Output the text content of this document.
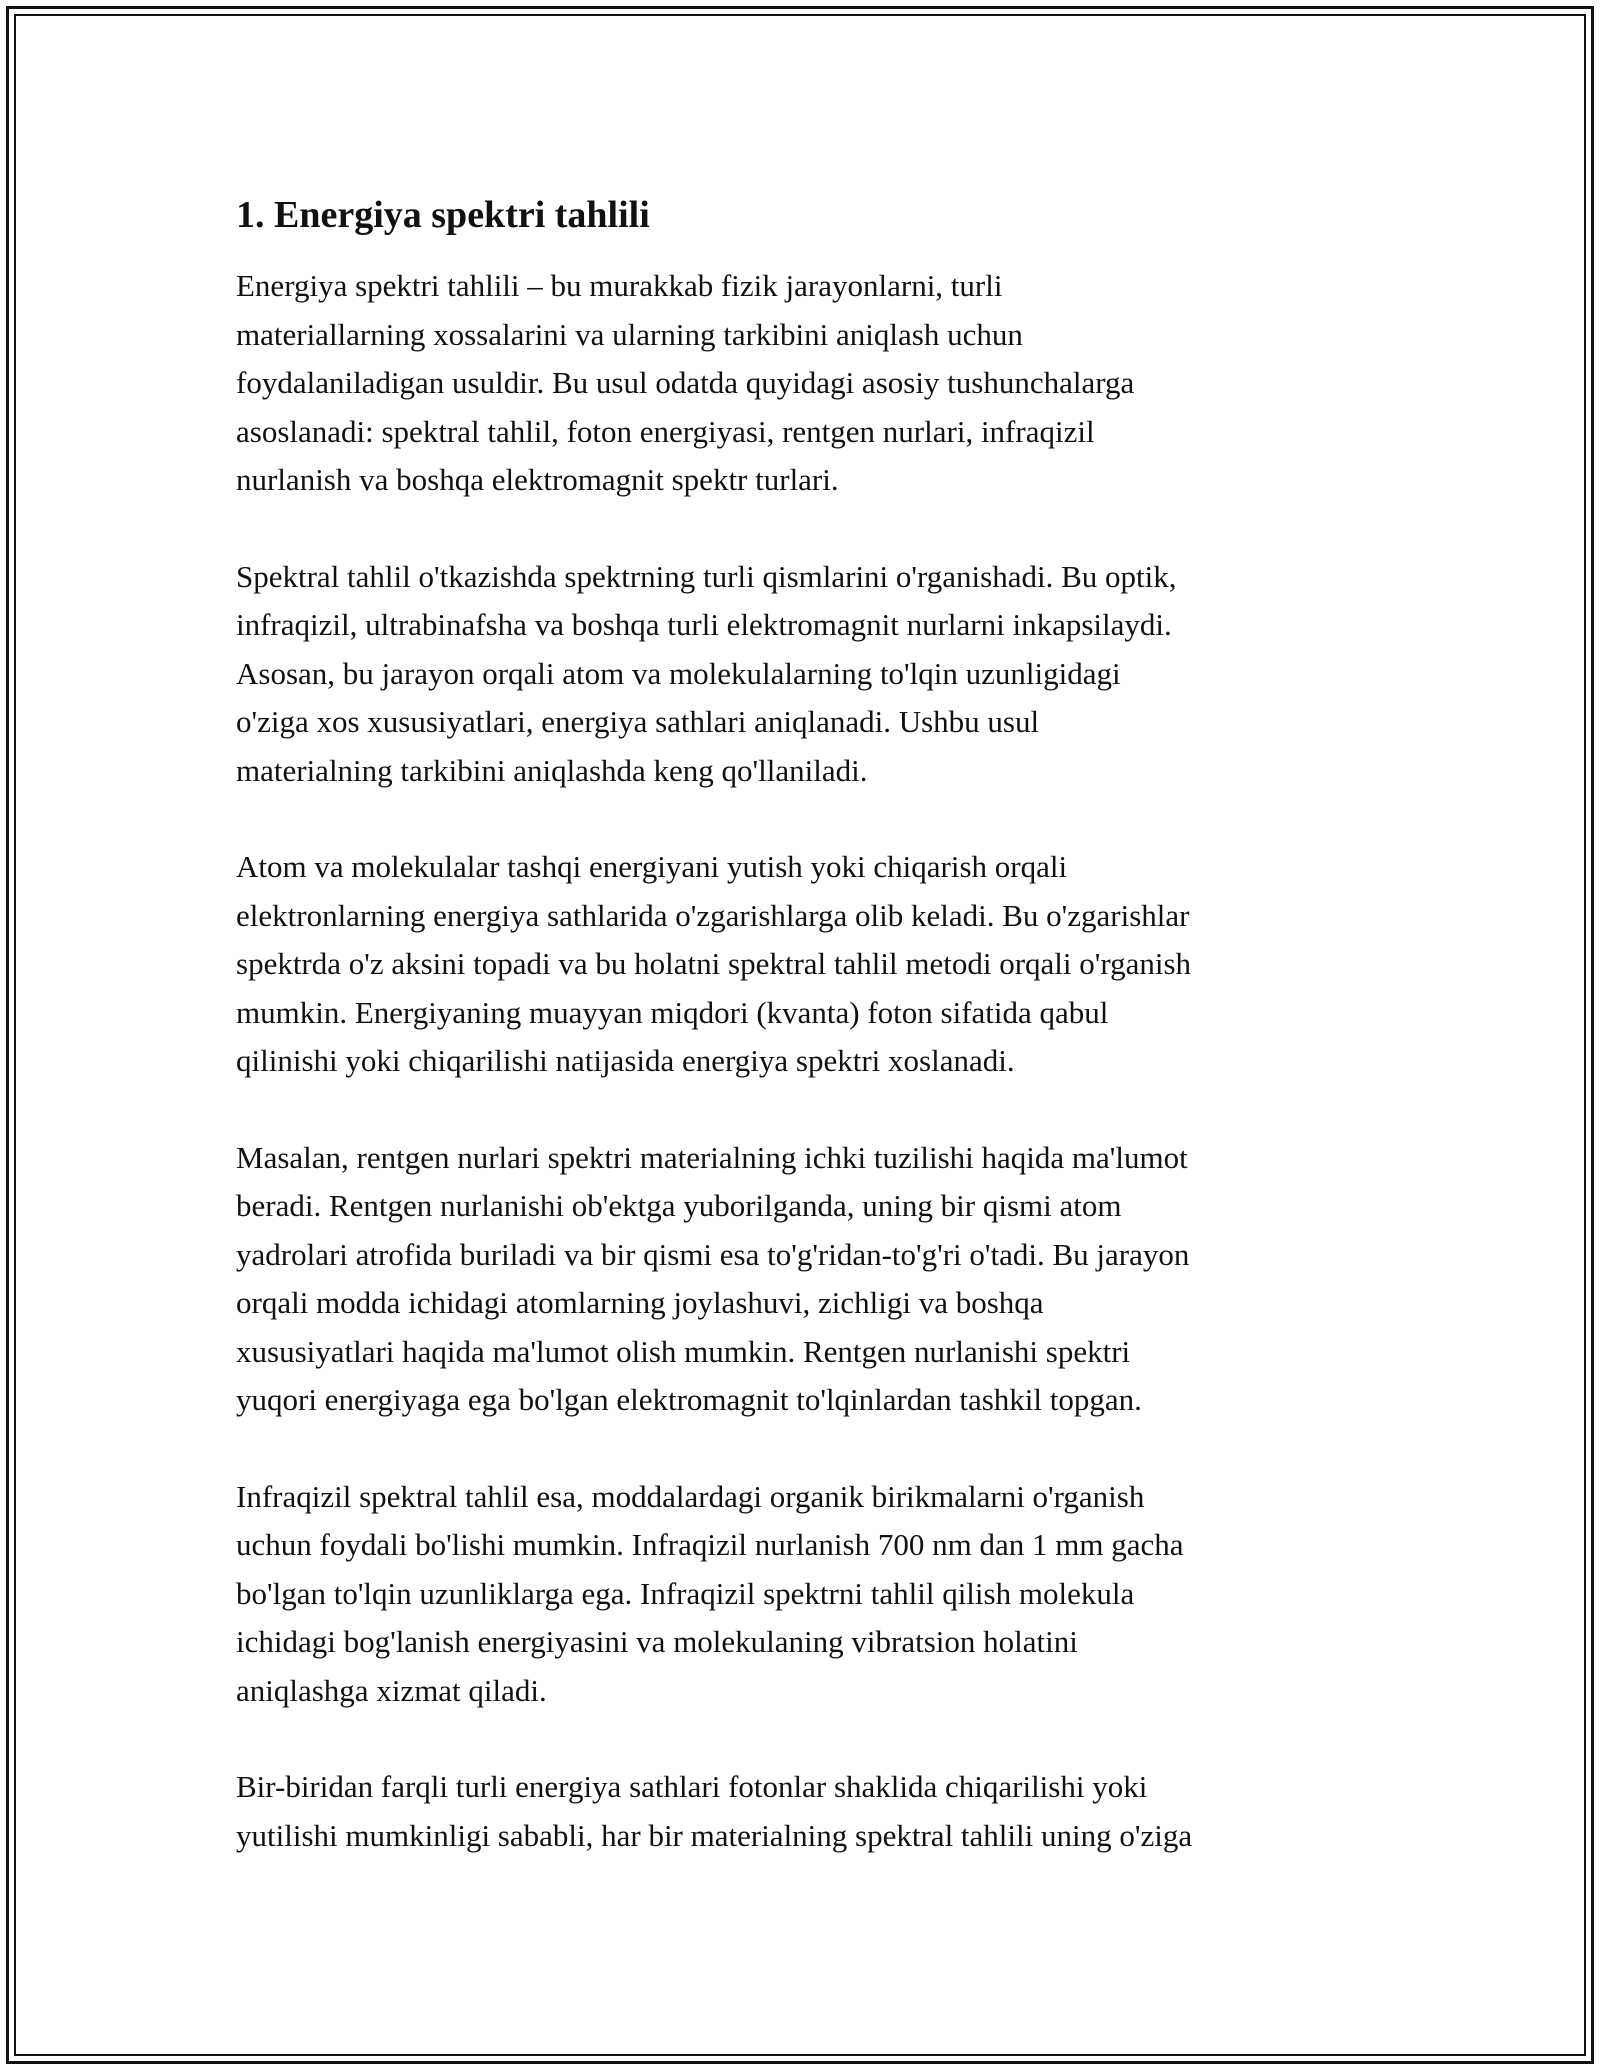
1. Energiya spektri tahlili

Energiya spektri tahlili – bu murakkab fizik jarayonlarni, turli
materiallarning xossalarini va ularning tarkibini aniqlash uchun
foydalaniladigan usuldir. Bu usul odatda quyidagi asosiy tushunchalarga
asoslanadi: spektral tahlil, foton energiyasi, rentgen nurlari, infraqizil
nurlanish va boshqa elektromagnit spektr turlari.

Spektral tahlil o'tkazishda spektrning turli qismlarini o'rganishadi. Bu optik,
infraqizil, ultrabinafsha va boshqa turli elektromagnit nurlarni inkapsilaydi.
Asosan, bu jarayon orqali atom va molekulalarning to'lqin uzunligidagi
o'ziga xos xususiyatlari, energiya sathlari aniqlanadi. Ushbu usul
materialning tarkibini aniqlashda keng qo'llaniladi.

Atom va molekulalar tashqi energiyani yutish yoki chiqarish orqali
elektronlarning energiya sathlarida o'zgarishlarga olib keladi. Bu o'zgarishlar
spektrda o'z aksini topadi va bu holatni spektral tahlil metodi orqali o'rganish
mumkin. Energiyaning muayyan miqdori (kvanta) foton sifatida qabul
qilinishi yoki chiqarilishi natijasida energiya spektri xoslanadi.

Masalan, rentgen nurlari spektri materialning ichki tuzilishi haqida ma'lumot
beradi. Rentgen nurlanishi ob'ektga yuborilganda, uning bir qismi atom
yadrolari atrofida buriladi va bir qismi esa to'g'ridan-to'g'ri o'tadi. Bu jarayon
orqali modda ichidagi atomlarning joylashuvi, zichligi va boshqa
xususiyatlari haqida ma'lumot olish mumkin. Rentgen nurlanishi spektri
yuqori energiyaga ega bo'lgan elektromagnit to'lqinlardan tashkil topgan.

Infraqizil spektral tahlil esa, moddalardagi organik birikmalarni o'rganish
uchun foydali bo'lishi mumkin. Infraqizil nurlanish 700 nm dan 1 mm gacha
bo'lgan to'lqin uzunliklarga ega. Infraqizil spektrni tahlil qilish molekula
ichidagi bog'lanish energiyasini va molekulaning vibratsion holatini
aniqlashga xizmat qiladi.

Bir-biridan farqli turli energiya sathlari fotonlar shaklida chiqarilishi yoki
yutilishi mumkinligi sababli, har bir materialning spektral tahlili uning o'ziga
